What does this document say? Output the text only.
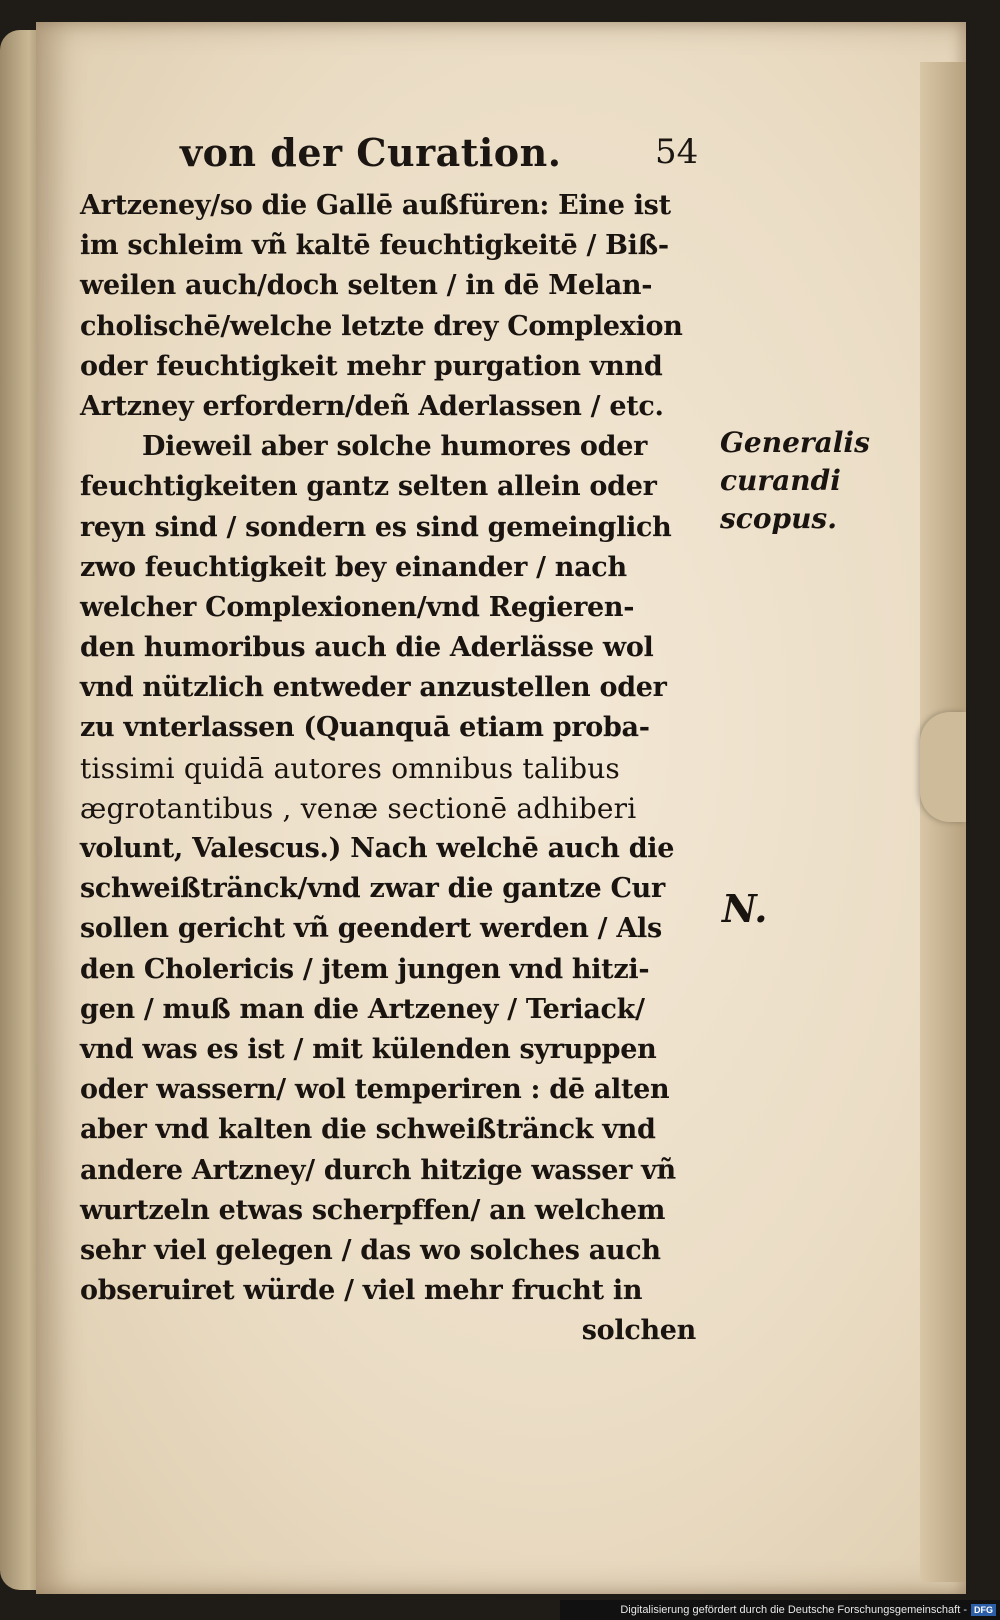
von der Curation.	54
Artzeney/so die Gallē außfüren: Eine ist
im schleim vñ kaltē feuchtigkeitē / Biß-
weilen auch/doch selten / in dē Melan-
cholischē/welche letzte drey Complexion
oder feuchtigkeit mehr purgation vnnd
Artzney erfordern/deñ Aderlassen / etc.
Dieweil aber solche humores oder
feuchtigkeiten gantz selten allein oder
reyn sind / sondern es sind gemeinglich
zwo feuchtigkeit bey einander / nach
welcher Complexionen/vnd Regieren-
den humoribus auch die Aderlässe wol
vnd nützlich entweder anzustellen oder
zu vnterlassen (Quanquā etiam proba-
tissimi quidā autores omnibus talibus
ægrotantibus , venæ sectionē adhiberi
volunt, Valescus.) Nach welchē auch die
schweißtränck/vnd zwar die gantze Cur
sollen gericht vñ geendert werden / Als
den Cholericis / jtem jungen vnd hitzi-
gen / muß man die Artzeney / Teriack/
vnd was es ist / mit külenden syruppen
oder wassern/ wol temperiren : dē alten
aber vnd kalten die schweißtränck vnd
andere Artzney/ durch hitzige wasser vñ
wurtzeln etwas scherpffen/ an welchem
sehr viel gelegen / das wo solches auch
obseruiret würde / viel mehr frucht in
solchen
Generalis
curandi
scopus.
N.
Digitalisierung gefördert durch die Deutsche Forschungsgemeinschaft - DFG
